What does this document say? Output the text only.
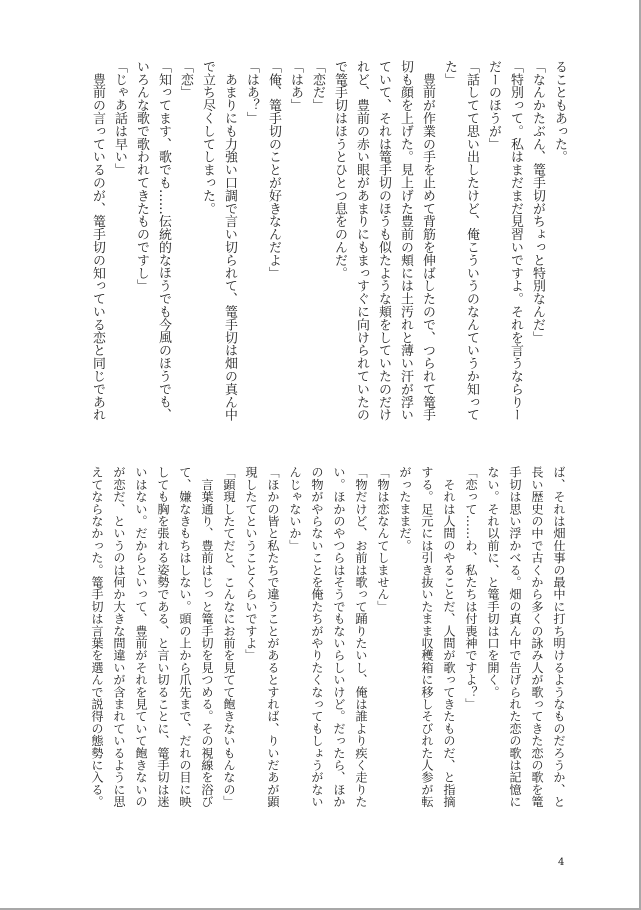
ることもあった。
「なんかたぶん、篭手切がちょっと特別なんだ」
「特別って。私はまだまだ見習いですよ。それを言うならりー
だーのほうが」
「話してて思い出したけど、俺こういうのなんていうか知って
た」
　豊前が作業の手を止めて背筋を伸ばしたので、つられて篭手
切も顔を上げた。見上げた豊前の頬には土汚れと薄い汗が浮い
ていて、それは篭手切のほうも似たような頬をしていたのだけ
れど、豊前の赤い眼があまりにもまっすぐに向けられていたの
で篭手切はほうとひとつ息をのんだ。
「恋だ」
「はあ」
「俺、篭手切のことが好きなんだよ」
「はあ？」
　あまりにも力強い口調で言い切られて、篭手切は畑の真ん中
で立ち尽くしてしまった。
「恋」
「知ってます、歌でも……伝統的なほうでも今風のほうでも、
いろんな歌で歌われてきたものですし」
「じゃあ話は早い」
　豊前の言っているのが、篭手切の知っている恋と同じであれ
ば、それは畑仕事の最中に打ち明けるようなものだろうか、と
長い歴史の中で古くから多くの詠み人が歌ってきた恋の歌を篭
手切は思い浮かべる。畑の真ん中で告げられた恋の歌は記憶に
ない。それ以前に、と篭手切は口を開く。
「恋って……わ、私たちは付喪神ですよ？」
　それは人間のやることだ、人間が歌ってきたものだ、と指摘
する。足元には引き抜いたまま収穫箱に移しそびれた人参が転
がったままだ。
「物は恋なんてしません」
「物だけど、お前は歌って踊りたいし、俺は誰より疾く走りた
い。ほかのやつらはそうでもないらしいけど。だったら、ほか
の物がやらないことを俺たちがやりたくなってもしょうがない
んじゃないか」
「ほかの皆と私たちで違うことがあるとすれば、りいだあが顕
現したてということくらいですよ」
「顕現したてだと、こんなにお前を見てて飽きないもんなの」
　言葉通り、豊前はじっと篭手切を見つめる。その視線を浴び
て、嫌なきもちはしない。頭の上から爪先まで、だれの目に映
しても胸を張れる姿勢である、と言い切ることに、篭手切は迷
いはない。だからといって、豊前がそれを見ていて飽きないの
が恋だ、というのは何か大きな間違いが含まれているように思
えてならなかった。篭手切は言葉を選んで説得の態勢に入る。
4
